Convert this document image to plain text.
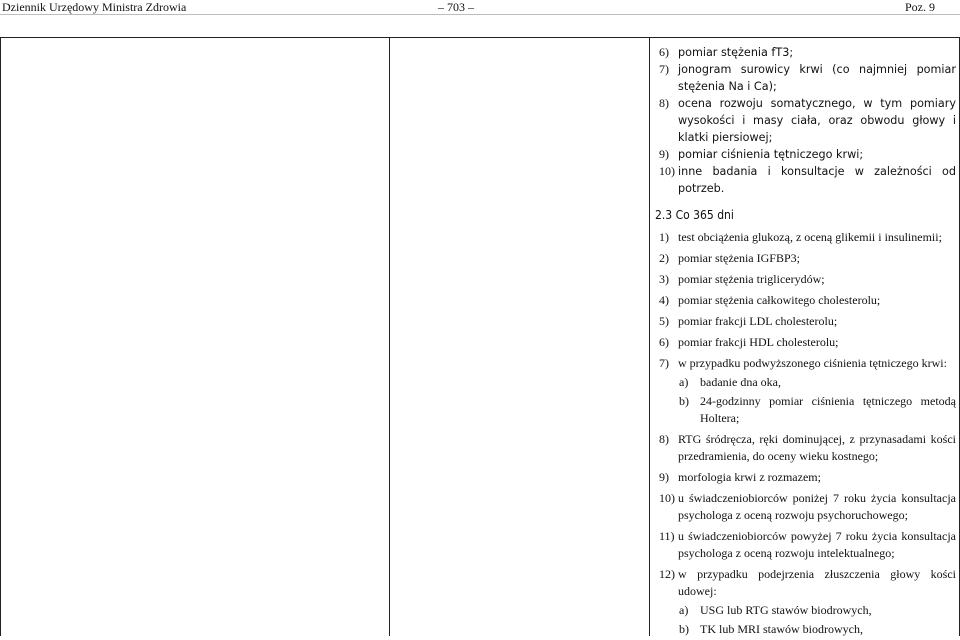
Dziennik Urzędowy Ministra Zdrowia	– 703 –	Poz. 9
6) pomiar stężenia fT3;
7) jonogram surowicy krwi (co najmniej pomiar stężenia Na i Ca);
8) ocena rozwoju somatycznego, w tym pomiary wysokości i masy ciała, oraz obwodu głowy i klatki piersiowej;
9) pomiar ciśnienia tętniczego krwi;
10) inne badania i konsultacje w zależności od potrzeb.
2.3 Co 365 dni
1) test obciążenia glukozą, z oceną glikemii i insulinemii;
2) pomiar stężenia IGFBP3;
3) pomiar stężenia triglicerydów;
4) pomiar stężenia całkowitego cholesterolu;
5) pomiar frakcji LDL cholesterolu;
6) pomiar frakcji HDL cholesterolu;
7) w przypadku podwyższonego ciśnienia tętniczego krwi:
a) badanie dna oka,
b) 24-godzinny pomiar ciśnienia tętniczego metodą Holtera;
8) RTG śródręcza, ręki dominującej, z przynasadami kości przedramienia, do oceny wieku kostnego;
9) morfologia krwi z rozmazem;
10) u świadczeniobiorców poniżej 7 roku życia konsultacja psychologa z oceną rozwoju psychoruchowego;
11) u świadczeniobiorców powyżej 7 roku życia konsultacja psychologa z oceną rozwoju intelektualnego;
12) w przypadku podejrzenia złuszczenia głowy kości udowej:
a) USG lub RTG stawów biodrowych,
b) TK lub MRI stawów biodrowych,
